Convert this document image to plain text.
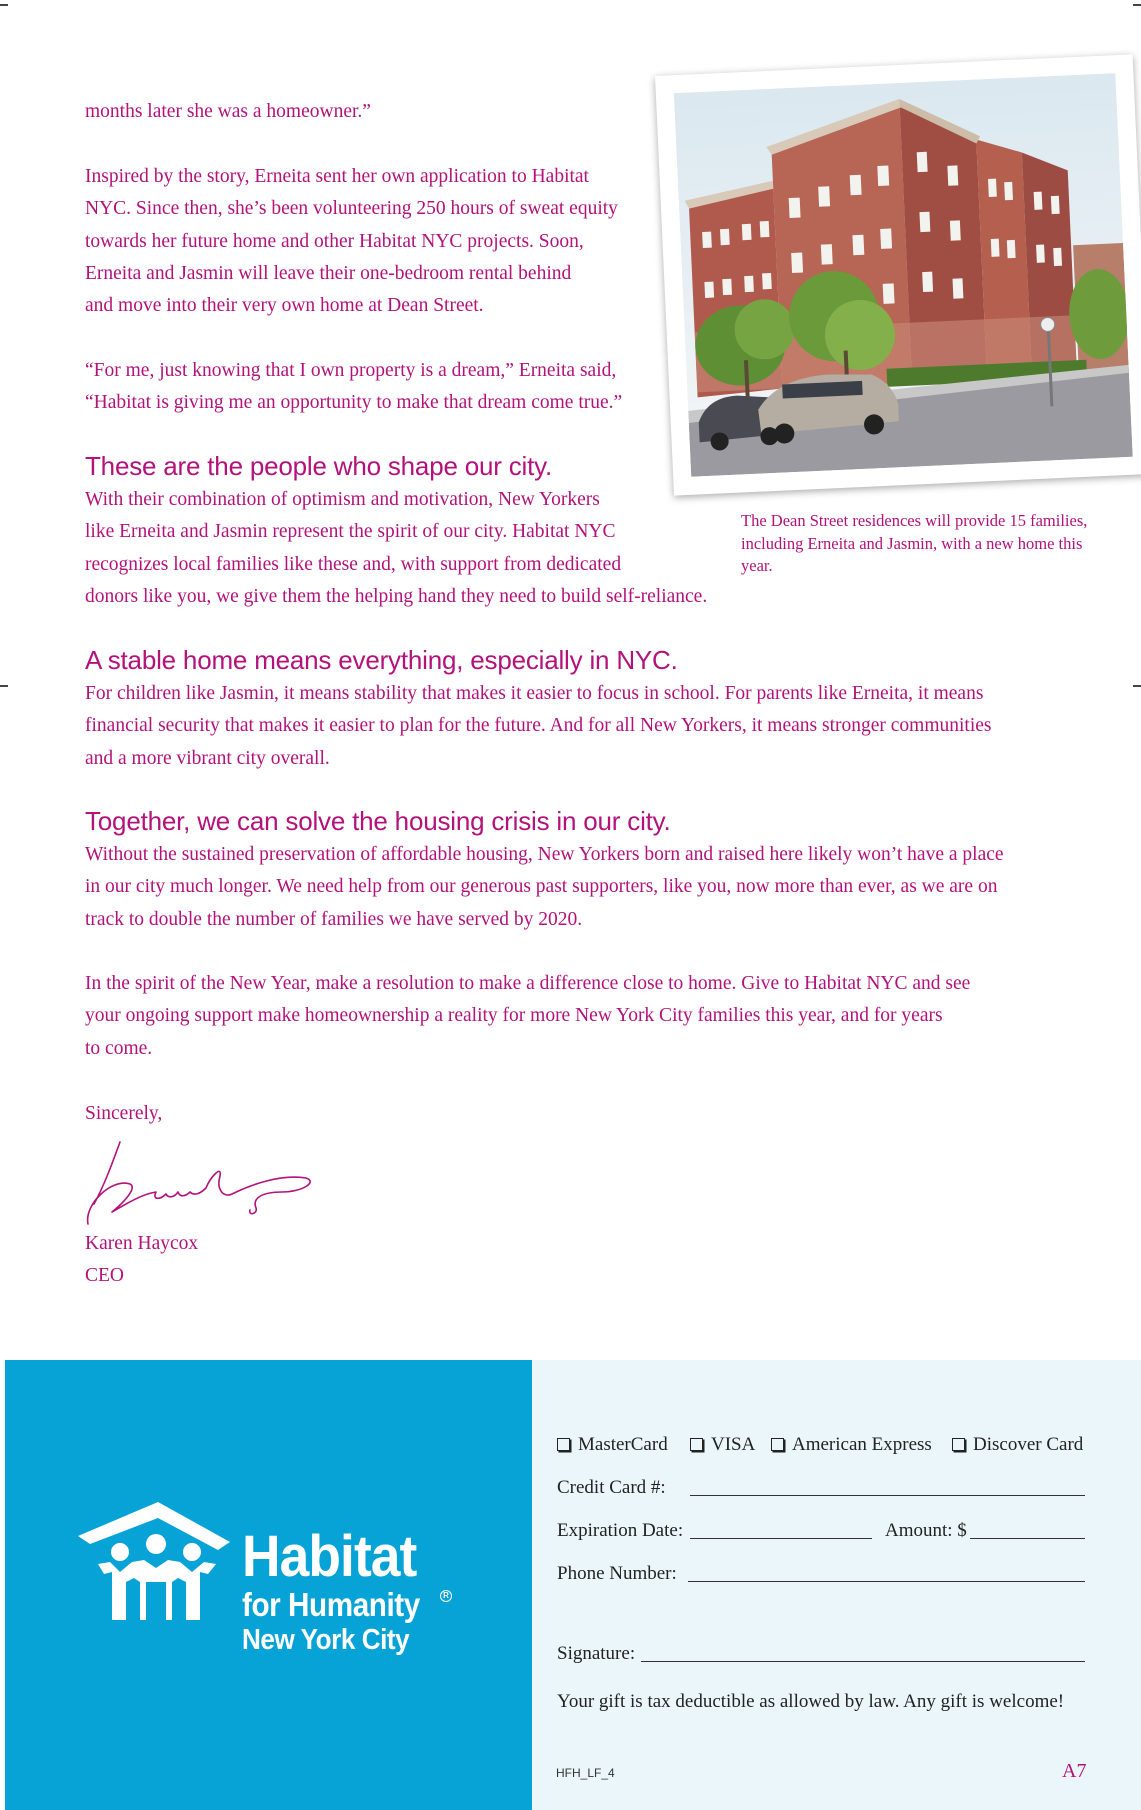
months later she was a homeowner.”

Inspired by the story, Erneita sent her own application to Habitat
NYC. Since then, she’s been volunteering 250 hours of sweat equity
towards her future home and other Habitat NYC projects. Soon,
Erneita and Jasmin will leave their one-bedroom rental behind
and move into their very own home at Dean Street.

“For me, just knowing that I own property is a dream,” Erneita said,
“Habitat is giving me an opportunity to make that dream come true.”

These are the people who shape our city.

With their combination of optimism and motivation, New Yorkers
like Erneita and Jasmin represent the spirit of our city. Habitat NYC
recognizes local families like these and, with support from dedicated
donors like you, we give them the helping hand they need to build self-reliance.

A stable home means everything, especially in NYC.

For children like Jasmin, it means stability that makes it easier to focus in school. For parents like Erneita, it means
financial security that makes it easier to plan for the future. And for all New Yorkers, it means stronger communities
and a more vibrant city overall.

Together, we can solve the housing crisis in our city.

Without the sustained preservation of affordable housing, New Yorkers born and raised here likely won’t have a place
in our city much longer. We need help from our generous past supporters, like you, now more than ever, as we are on
track to double the number of families we have served by 2020.

In the spirit of the New Year, make a resolution to make a difference close to home. Give to Habitat NYC and see
your ongoing support make homeownership a reality for more New York City families this year, and for years
to come.

Sincerely,

Karen Haycox

CEO

The Dean Street residences will provide 15 families,
including Erneita and Jasmin, with a new home this
year.

Habitat
for Humanity
New York City
R
MasterCard	VISA	American Express	Discover Card
Credit Card #:
Expiration Date:	Amount: $
Phone Number:
Signature:
Your gift is tax deductible as allowed by law. Any gift is welcome!
HFH_LF_4	A7
